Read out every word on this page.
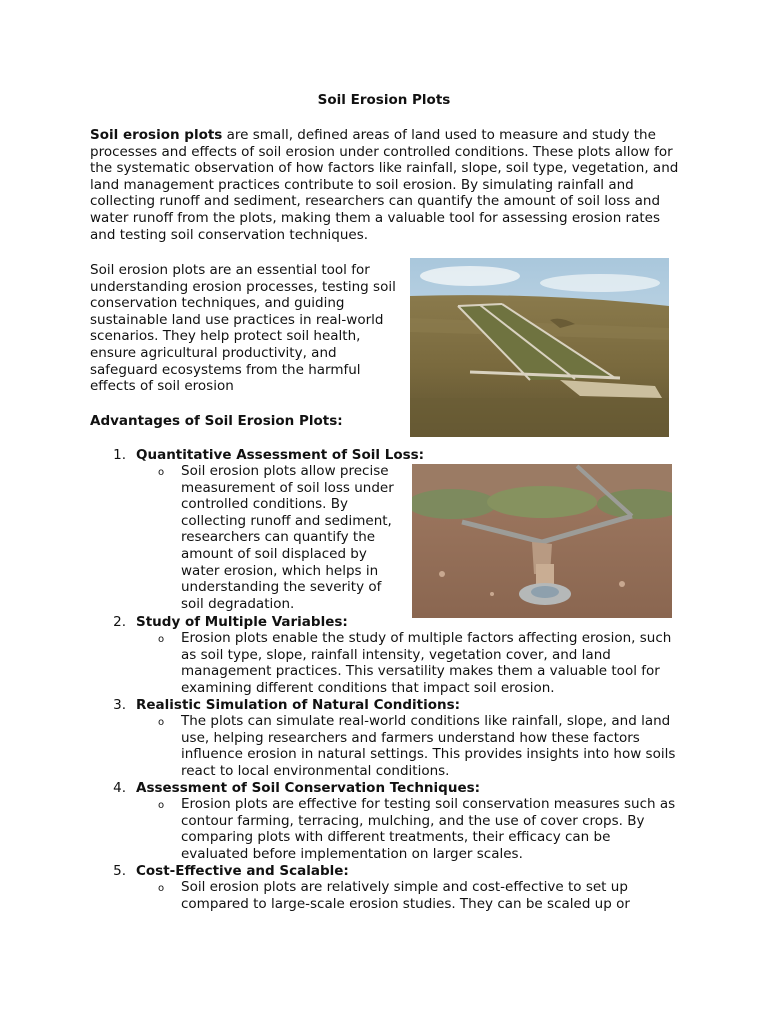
Soil Erosion Plots

Soil erosion plots are small, defined areas of land used to measure and study the processes and effects of soil erosion under controlled conditions. These plots allow for the systematic observation of how factors like rainfall, slope, soil type, vegetation, and land management practices contribute to soil erosion. By simulating rainfall and collecting runoff and sediment, researchers can quantify the amount of soil loss and water runoff from the plots, making them a valuable tool for assessing erosion rates and testing soil conservation techniques.

Soil erosion plots are an essential tool for understanding erosion processes, testing soil conservation techniques, and guiding sustainable land use practices in real-world scenarios. They help protect soil health, ensure agricultural productivity, and safeguard ecosystems from the harmful effects of soil erosion

Advantages of Soil Erosion Plots:
1. Quantitative Assessment of Soil Loss:
o Soil erosion plots allow precise measurement of soil loss under controlled conditions. By collecting runoff and sediment, researchers can quantify the amount of soil displaced by water erosion, which helps in understanding the severity of soil degradation.

2. Study of Multiple Variables:
o Erosion plots enable the study of multiple factors affecting erosion, such as soil type, slope, rainfall intensity, vegetation cover, and land management practices. This versatility makes them a valuable tool for examining different conditions that impact soil erosion.

3. Realistic Simulation of Natural Conditions:
o The plots can simulate real-world conditions like rainfall, slope, and land use, helping researchers and farmers understand how these factors influence erosion in natural settings. This provides insights into how soils react to local environmental conditions.

4. Assessment of Soil Conservation Techniques:
o Erosion plots are effective for testing soil conservation measures such as contour farming, terracing, mulching, and the use of cover crops. By comparing plots with different treatments, their efficacy can be evaluated before implementation on larger scales.

5. Cost-Effective and Scalable:
o Soil erosion plots are relatively simple and cost-effective to set up compared to large-scale erosion studies. They can be scaled up or
